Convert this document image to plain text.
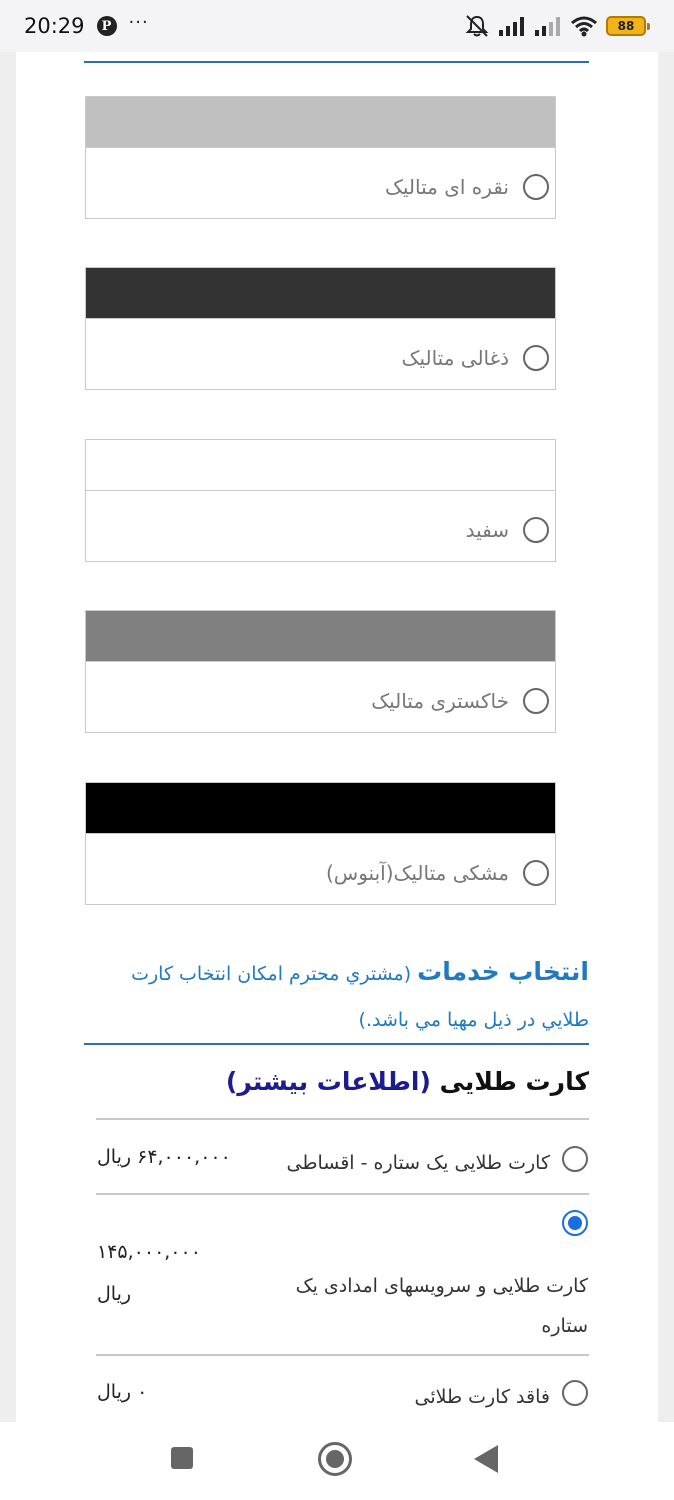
20:29	P ···	88
نقره ای متالیک
ذغالی متالیک
سفید
خاکستری متالیک
مشکی متالیک(آبنوس)
انتخاب خدمات (مشتري محترم امكان انتخاب كارت طلايي در ذيل مهيا مي باشد.)
کارت طلایی (اطلاعات بیشتر)
کارت طلایی یک ستاره - اقساطی
۶۴,۰۰۰,۰۰۰ ریال
کارت طلایی و سرویسهای امدادی یک ستاره
۱۴۵,۰۰۰,۰۰۰
ریال
فاقد کارت طلائی
۰ ریال
